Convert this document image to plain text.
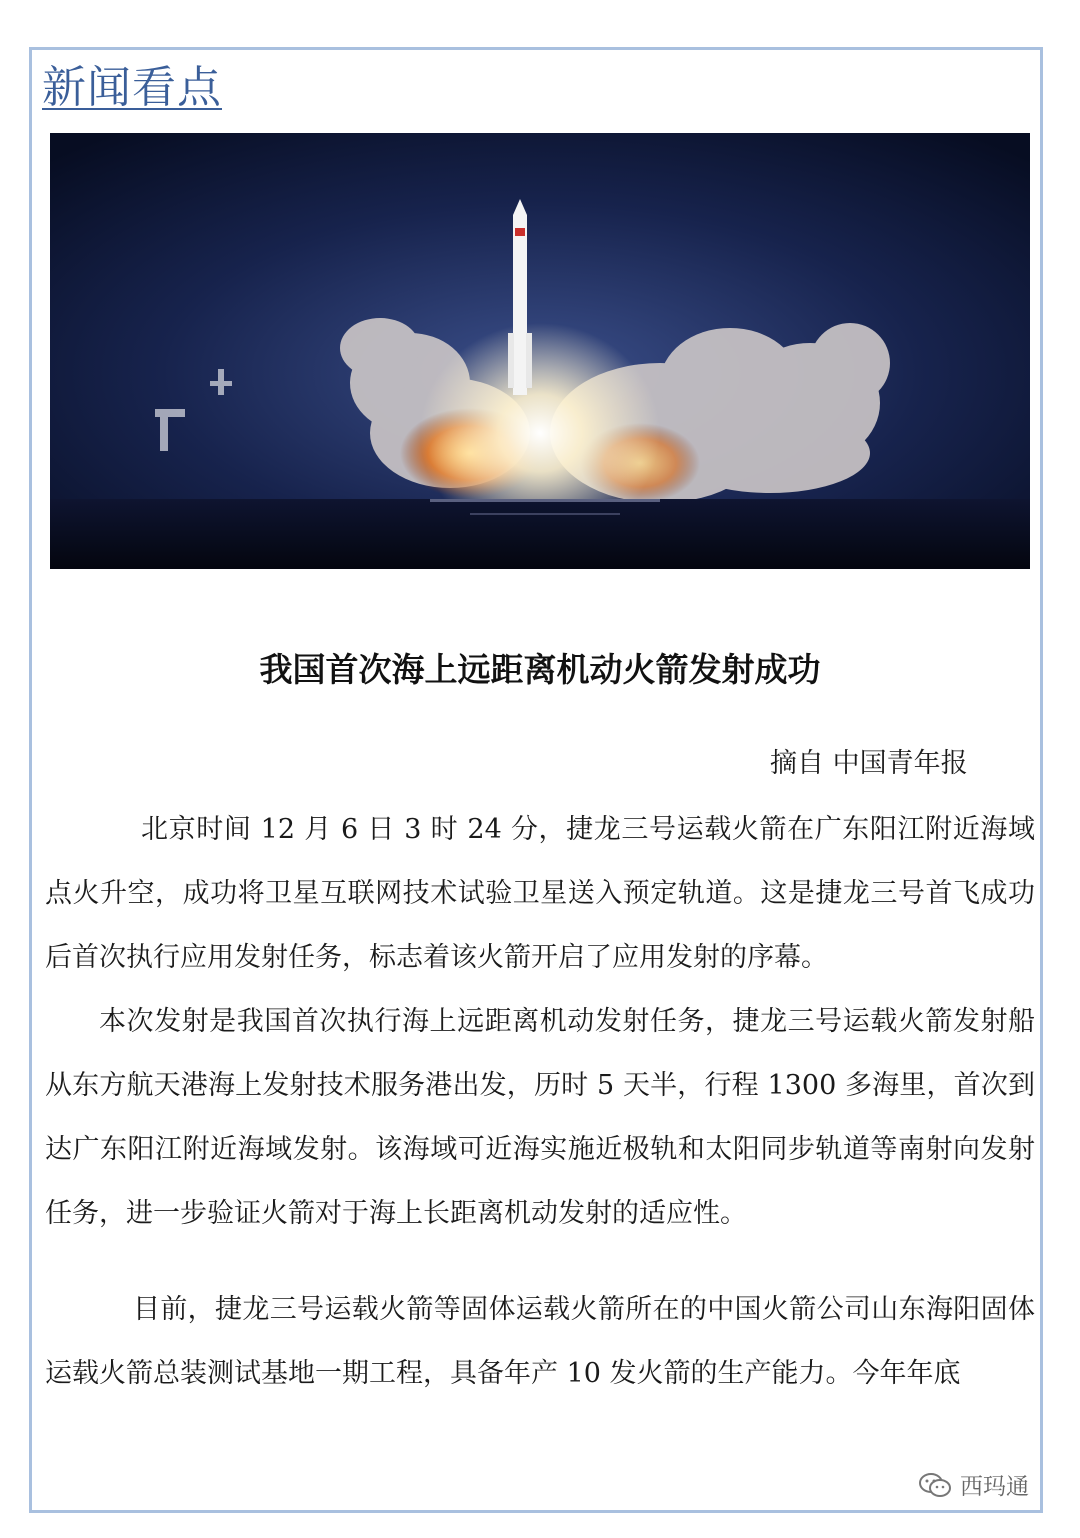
新闻看点
我国首次海上远距离机动火箭发射成功
摘自 中国青年报

北京时间 12 月 6 日 3 时 24 分，捷龙三号运载火箭在广东阳江附近海域点火升空，成功将卫星互联网技术试验卫星送入预定轨道。这是捷龙三号首飞成功后首次执行应用发射任务，标志着该火箭开启了应用发射的序幕。

本次发射是我国首次执行海上远距离机动发射任务，捷龙三号运载火箭发射船从东方航天港海上发射技术服务港出发，历时 5 天半，行程 1300 多海里，首次到达广东阳江附近海域发射。该海域可近海实施近极轨和太阳同步轨道等南射向发射任务，进一步验证火箭对于海上长距离机动发射的适应性。

目前，捷龙三号运载火箭等固体运载火箭所在的中国火箭公司山东海阳固体运载火箭总装测试基地一期工程，具备年产 10 发火箭的生产能力。今年年底

西玛通
